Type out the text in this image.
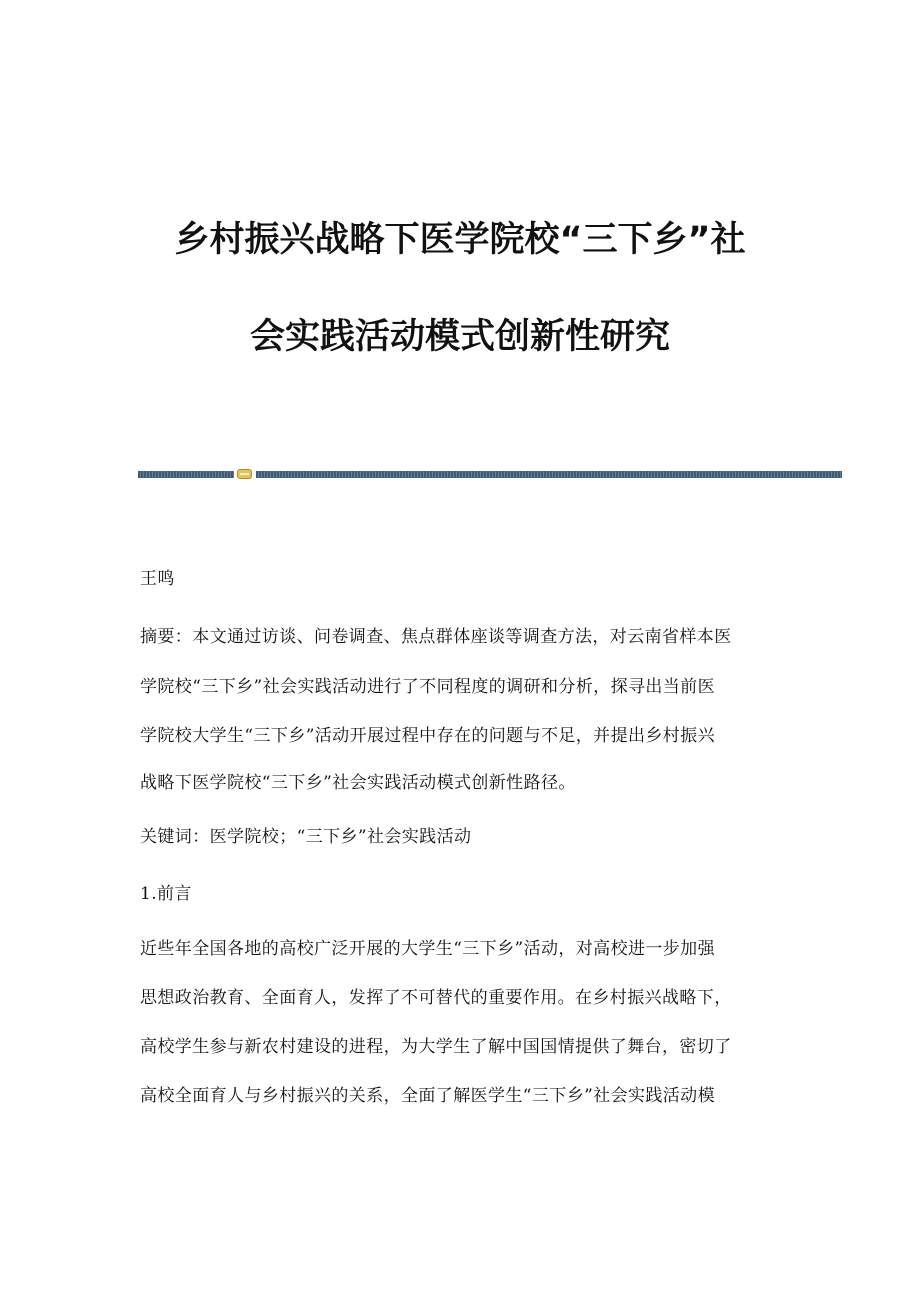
乡村振兴战略下医学院校“三下乡”社
会实践活动模式创新性研究

王鸣

摘要：本文通过访谈、问卷调查、焦点群体座谈等调查方法，对云南省样本医

学院校“三下乡”社会实践活动进行了不同程度的调研和分析，探寻出当前医

学院校大学生“三下乡”活动开展过程中存在的问题与不足，并提出乡村振兴

战略下医学院校“三下乡”社会实践活动模式创新性路径。

关键词：医学院校；“三下乡”社会实践活动

1.前言

近些年全国各地的高校广泛开展的大学生“三下乡”活动，对高校进一步加强

思想政治教育、全面育人，发挥了不可替代的重要作用。在乡村振兴战略下，

高校学生参与新农村建设的进程，为大学生了解中国国情提供了舞台，密切了

高校全面育人与乡村振兴的关系，全面了解医学生“三下乡”社会实践活动模
